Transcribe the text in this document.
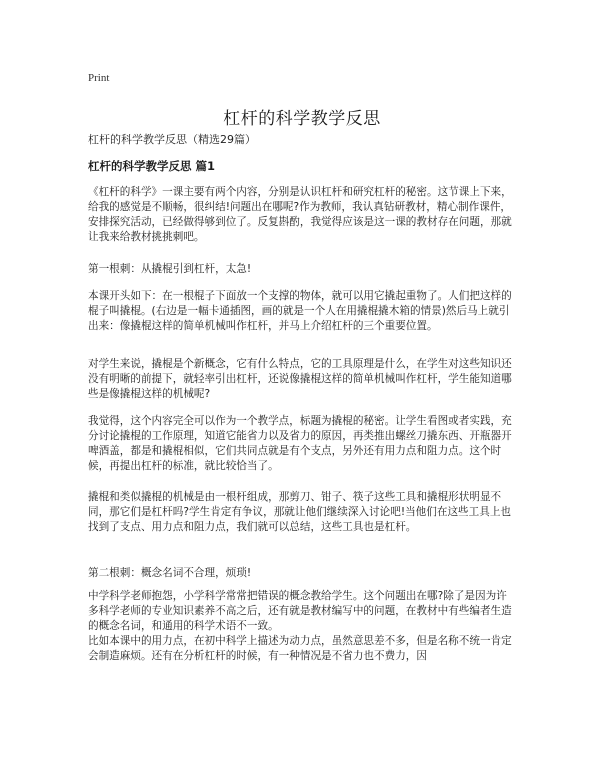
Print
杠杆的科学教学反思
杠杆的科学教学反思（精选29篇）
杠杆的科学教学反思 篇1

《杠杆的科学》一课主要有两个内容，分别是认识杠杆和研究杠杆的秘密。这节课上下来，给我的感觉是不顺畅，很纠结!问题出在哪呢?作为教师，我认真钻研教材，精心制作课件，安排探究活动，已经做得够到位了。反复斟酌，我觉得应该是这一课的教材存在问题，那就让我来给教材挑挑刺吧。

第一根刺：从撬棍引到杠杆，太急!

本课开头如下：在一根棍子下面放一个支撑的物体，就可以用它撬起重物了。人们把这样的棍子叫撬棍。(右边是一幅卡通插图，画的就是一个人在用撬棍撬木箱的情景)然后马上就引出来：像撬棍这样的简单机械叫作杠杆，并马上介绍杠杆的三个重要位置。

对学生来说，撬棍是个新概念，它有什么特点，它的工具原理是什么，在学生对这些知识还没有明晰的前提下，就轻率引出杠杆，还说像撬棍这样的简单机械叫作杠杆，学生能知道哪些是像撬棍这样的机械呢?

我觉得，这个内容完全可以作为一个教学点，标题为撬棍的秘密。让学生看图或者实践，充分讨论撬棍的工作原理，知道它能省力以及省力的原因，再类推出螺丝刀撬东西、开瓶器开啤酒盖，都是和撬棍相似，它们共同点就是有个支点，另外还有用力点和阻力点。这个时候，再提出杠杆的标准，就比较恰当了。

撬棍和类似撬棍的机械是由一根杆组成，那剪刀、钳子、筷子这些工具和撬棍形状明显不同，那它们是杠杆吗?学生肯定有争议，那就让他们继续深入讨论吧!当他们在这些工具上也找到了支点、用力点和阻力点，我们就可以总结，这些工具也是杠杆。

第二根刺：概念名词不合理，烦琐!

中学科学老师抱怨，小学科学常常把错误的概念教给学生。这个问题出在哪?除了是因为许多科学老师的专业知识素养不高之后，还有就是教材编写中的问题，在教材中有些编者生造的概念名词，和通用的科学术语不一致。

比如本课中的用力点，在初中科学上描述为动力点，虽然意思差不多，但是名称不统一肯定会制造麻烦。还有在分析杠杆的时候，有一种情况是不省力也不费力，因
